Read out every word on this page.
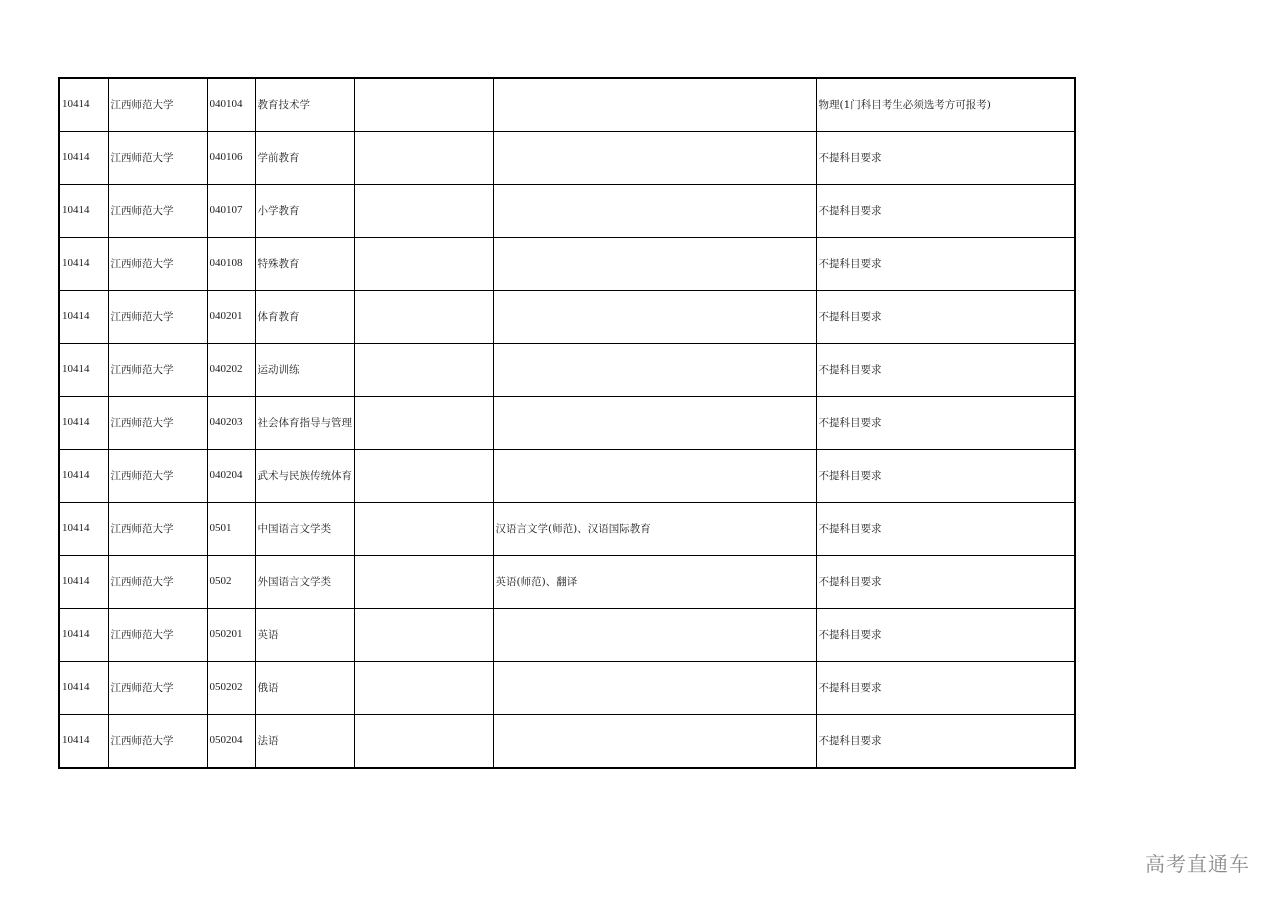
10414	江西师范大学	040104	教育技术学			物理(1门科目考生必须选考方可报考)
10414	江西师范大学	040106	学前教育			不提科目要求
10414	江西师范大学	040107	小学教育			不提科目要求
10414	江西师范大学	040108	特殊教育			不提科目要求
10414	江西师范大学	040201	体育教育			不提科目要求
10414	江西师范大学	040202	运动训练			不提科目要求
10414	江西师范大学	040203	社会体育指导与管理			不提科目要求
10414	江西师范大学	040204	武术与民族传统体育			不提科目要求
10414	江西师范大学	0501	中国语言文学类		汉语言文学(师范)、汉语国际教育	不提科目要求
10414	江西师范大学	0502	外国语言文学类		英语(师范)、翻译	不提科目要求
10414	江西师范大学	050201	英语			不提科目要求
10414	江西师范大学	050202	俄语			不提科目要求
10414	江西师范大学	050204	法语			不提科目要求
高考直通车
